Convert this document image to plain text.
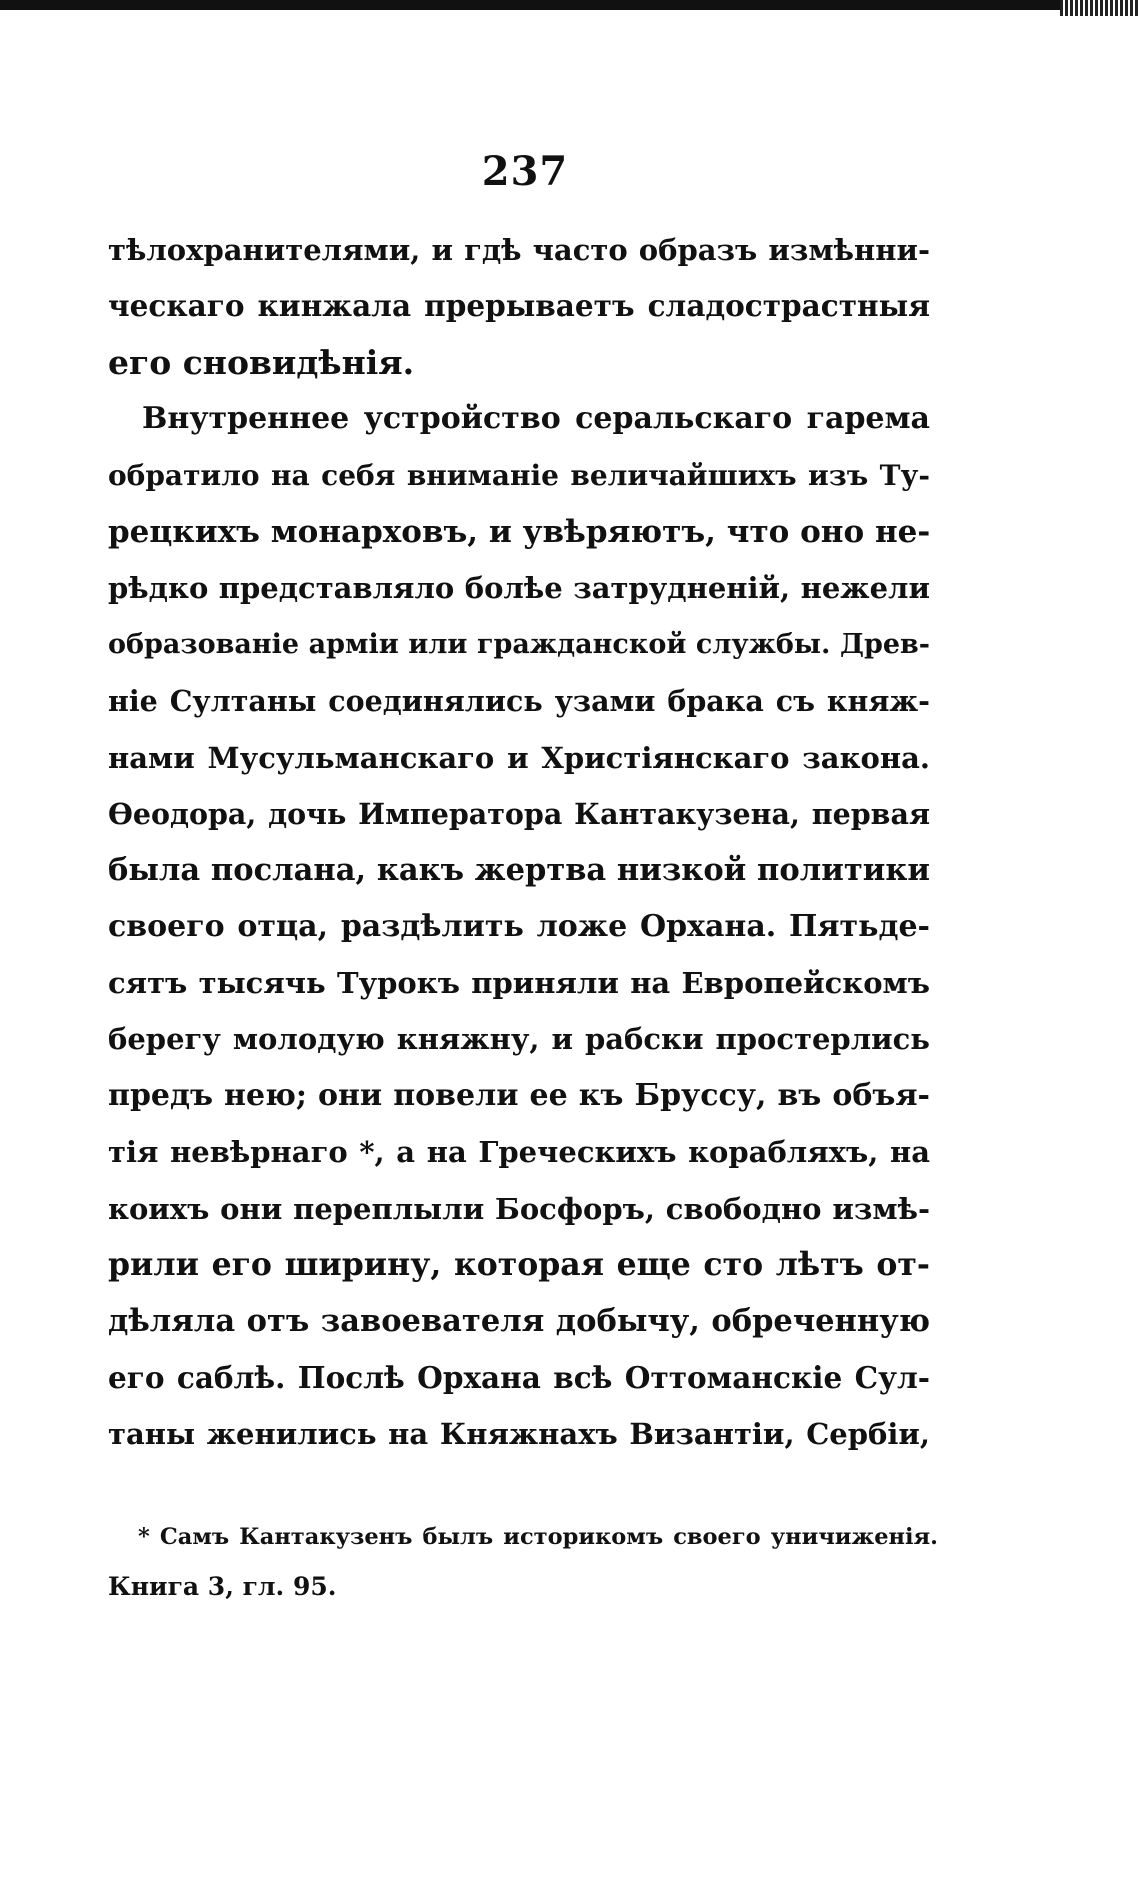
237
тѣлохранителями, и гдѣ часто образъ измѣнни-
ческаго кинжала прерываетъ сладострастныя
его сновидѣнія.
Внутреннее устройство серальскаго гарема
обратило на себя вниманіе величайшихъ изъ Ту-
рецкихъ монарховъ, и увѣряютъ, что оно не-
рѣдко представляло болѣе затрудненій, нежели
образованіе арміи или гражданской службы. Древ-
ніе Султаны соединялись узами брака съ княж-
нами Мусульманскаго и Христіянскаго закона.
Ѳеодора, дочь Императора Кантакузена, первая
была послана, какъ жертва низкой политики
своего отца, раздѣлить ложе Орхана. Пятьде-
сятъ тысячь Турокъ приняли на Европейскомъ
берегу молодую княжну, и рабски простерлись
предъ нею; они повели ее къ Бруссу, въ объя-
тія невѣрнаго *, а на Греческихъ корабляхъ, на
коихъ они переплыли Босфоръ, свободно измѣ-
рили его ширину, которая еще сто лѣтъ от-
дѣляла отъ завоевателя добычу, обреченную
его саблѣ. Послѣ Орхана всѣ Оттоманскіе Сул-
таны женились на Княжнахъ Византіи, Сербіи,
* Самъ Кантакузенъ былъ историкомъ своего уничиженія.
Книга 3, гл. 95.
